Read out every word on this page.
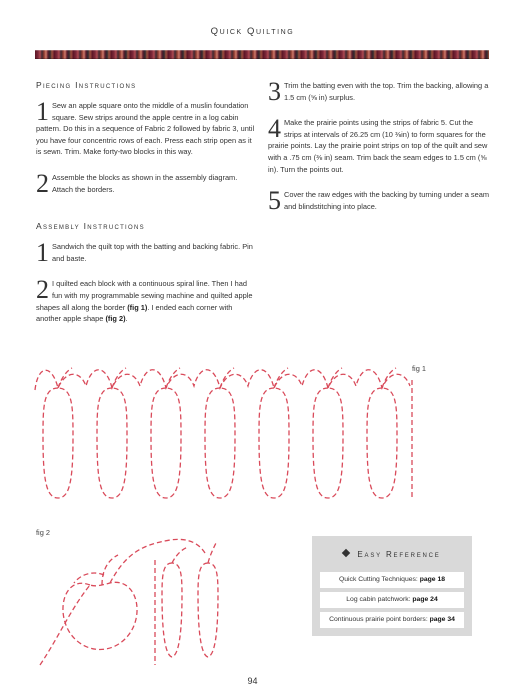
Quick Quilting
Piecing Instructions
1 Sew an apple square onto the middle of a muslin foundation square. Sew strips around the apple centre in a log cabin pattern. Do this in a sequence of Fabric 2 followed by fabric 3, until you have four concentric rows of each. Press each strip open as it is sewn. Trim. Make forty-two blocks in this way.
2 Assemble the blocks as shown in the assembly diagram. Attach the borders.
Assembly Instructions
1 Sandwich the quilt top with the batting and backing fabric. Pin and baste.
2 I quilted each block with a continuous spiral line. Then I had fun with my programmable sewing machine and quilted apple shapes all along the border (fig 1). I ended each corner with another apple shape (fig 2).
3 Trim the batting even with the top. Trim the backing, allowing a 1.5 cm (⅝ in) surplus.
4 Make the prairie points using the strips of fabric 5. Cut the strips at intervals of 26.25 cm (10 ⅜in) to form squares for the prairie points. Lay the prairie point strips on top of the quilt and sew with a .75 cm (⅜ in) seam. Trim back the seam edges to 1.5 cm (⅝ in). Turn the points out.
5 Cover the raw edges with the backing by turning under a seam and blindstitching into place.
fig 1
fig 2
Easy Reference
Quick Cutting Techniques: page 18
Log cabin patchwork: page 24
Continuous prairie point borders: page 34
94
